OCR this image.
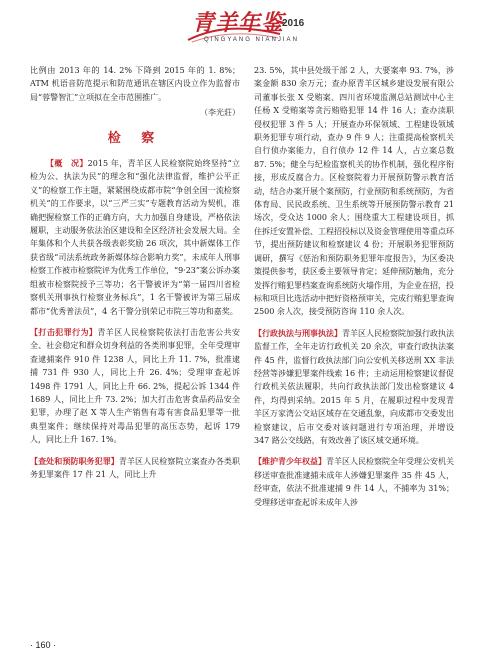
青羊年鉴
2016
QINGYANG NIANJIAN

比例由 2013 年的 14. 2% 下降到 2015 年的 1. 8%；ATM 机语音防范提示和防范通讯在辖区内设立作为监督市局“蓉警智汇”立项拟在全市范围推广。

（李光莊）

检 察

【概　况】2015 年，青羊区人民检察院始终坚持“立检为公、执法为民”的理念和“强化法律监督，维护公平正义”的检察工作主题，紧紧围绕成都市院“争创全国一流检察机关”的工作要求，以“三严三实”专题教育活动为契机，准确把握检察工作的正确方向，大力加强自身建设，严格依法履职，主动服务依法治区建设和全区经济社会发展大局。全年集体和个人共获各级表彰奖励 26 项次，其中新媒体工作获省级“司法系统政务新媒体综合影响力奖”，未成年人刑事检察工作被市检察院评为优秀工作单位，“9·23”案公诉办案组被市检察院授予三等功；名干警被评为“第一届四川省检察机关刑事执行检察业务标兵”，1 名干警被评为第三届成都市“优秀普法员”，4 名干警分别荣记市院三等功和嘉奖。

【打击犯罪行为】青羊区人民检察院依法打击危害公共安全、社会稳定和群众切身利益的各类刑事犯罪，全年受理审查逮捕案件 910 件 1238 人，同比上升 11. 7%，批准逮捕 731 件 930 人，同比上升 26. 4%；受理审查起诉 1498 件 1791 人，同比上升 66. 2%，提起公诉 1344 件 1689 人，同比上升 73. 2%；加大打击危害食品药品安全犯罪，办理了赵 X 等人生产销售有毒有害食品犯罪等一批典型案件；继续保持对毒品犯罪的高压态势，起诉 179 人，同比上升 167. 1%。

【查处和预防职务犯罪】青羊区人民检察院立案查办各类职务犯罪案件 17 件 21 人，同比上升

23. 5%，其中县处级干部 2 人，大要案率 93. 7%，涉案金额 830 余万元；查办原青羊区城乡建设发展有限公司董事长张 X 受贿案、四川省环境监测总站测试中心主任杨 X 受贿案等贪污贿赂犯罪 14 件 16 人；查办渎职侵权犯罪 3 件 5 人；开展查办环保领域、工程建设领域职务犯罪专项行动，查办 9 件 9 人；注重提高检察机关自行侦办案能力，自行侦办 12 件 14 人，占立案总数 87. 5%；健全与纪检监察机关的协作机制，强化程序衔接，形成反腐合力。区检察院着力开展预防警示教育活动，结合办案开展个案预防，行业预防和系统预防，为省体育局、民民政系统、卫生系统等开展预防警示教育 21 场次，受众达 1000 余人；围绕重大工程建设项目，抓住拆迁安置补偿、工程招投标以及资金管理使用等重点环节，提出预防建议和检察建议 4 份；开展职务犯罪预防调研，撰写《惩治和预防职务犯罪年度报告》，为区委决策提供参考，获区委主要领导肯定；延伸预防触角，充分发挥行贿犯罪档案查询系统防火墙作用，为企业在招，投标和项目比选活动中把好资格预审关，完成行贿犯罪查询 2500 余人次，接受预防咨询 110 余人次。

【行政执法与刑事执法】青羊区人民检察院加强行政执法监督工作，全年走访行政机关 20 余次，审查行政执法案件 45 件，监督行政执法部门向公安机关移送刑 XX 非法经营等涉嫌犯罪案件线索 16 件；主动运用检察建议督促行政机关依法履职，共向行政执法部门发出检察建议 4 件，均得到采纳。2015 年 5 月，在履职过程中发现青羊区万家湾公交站区域存在交通乱象，向成都市交委发出检察建议，后市交委对该问题进行专项治理，并增设 347 路公交线路，有效改善了该区域交通环境。

【维护青少年权益】青羊区人民检察院全年受理公安机关移送审查批准逮捕未成年人涉嫌犯罪案件 35 件 45 人，经审查，依法不批准逮捕 9 件 14 人，不捕率为 31%；受理移送审查起诉未成年人涉

· 160 ·
